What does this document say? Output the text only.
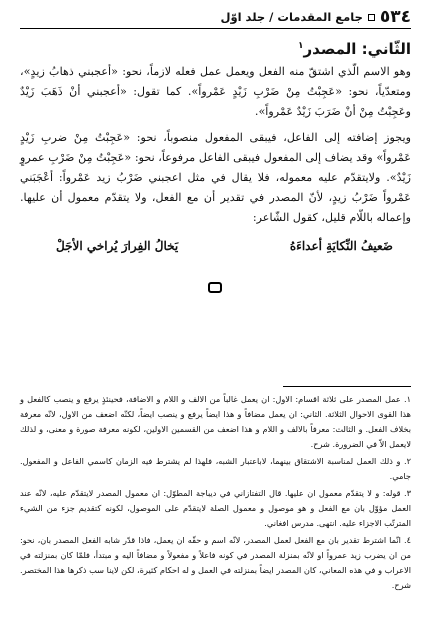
٥٣٤
جامع المقدمات / جلد اوّل
الثّاني: المصدر$^١$

وهو الاسم الّذي اشتقّ منه الفعل ويعمل عمل فعله لازماً، نحو: «أعجبني ذهابُ زيدٍ»، ومتعدّياً، نحو: «عَجِبْتُ مِنْ ضَرْبِ زَيْدٍ عَمْرواً». كما تقول: «أعجبني أنْ ذَهَبَ زَيْدٌ وعَجِبْتُ مِنْ أنْ ضَرَبَ زَيْدٌ عَمْرواً».

ويجوز إضافته إلى الفاعل، فيبقى المفعول منصوباً، نحو: «عَجِبْتُ مِنْ ضربِ زَيْدٍ عَمْرواً» وقد يضاف إلى المفعول فيبقى الفاعل مرفوعاً، نحو: «عَجِبْتُ مِنْ ضَرْبِ عمروٍ زَيْدٌ». ولايتقدّم عليه معموله، فلا يقال في مثل اعجبني ضَرْبُ زيد عَمْرواً: أعْجَبَني عَمْرواً ضَرْبُ زيدٍ، لأنّ المصدر في تقدير أن مع الفعل، ولا يتقدّم معمول أن عليها. وإعماله باللّام قليل، كقول الشّاعر:

ضَعيفُ النِّكايَةِ أعداءَهُ
يَخالُ الفِرارَ يُراخي الأجَلْ

١. عمل المصدر على ثلاثة اقسام: الاول: ان يعمل غالباً من الالف و اللام و الاضافة، فحينئذٍ يرفع و ينصب كالفعل و هذا القوى الاحوال الثلاثة. الثاني: ان يعمل مضافاً و هذا ايضاً يرفع و ينصب ايضاً، لكنّه اضعف من الاول، لانّه معرفة بخلاف الفعل. و الثالث: معرفاً بالالف و اللام و هذا اضعف من القسمين الاولين، لكونه معرفة صورة و معنى، و لذلك لايعمل الاّ في الضرورة. شرح.

٢. و ذلك العمل لمناسبة الاشتقاق بينهما، لاباعتبار الشبه، فلهذا لم يشترط فيه الزمان كاسمي الفاعل و المفعول. جامي.

٣. قوله: و لا يتقدّم معمول ان عليها. قال التفتازاني في ديباجة المطوّل: ان معمول المصدر لايتقدّم عليه، لانّه عند العمل مؤوّل بان مع الفعل و هو موصول و معمول الصلة لايتقدّم على الموصول، لكونه كتقديم جزء من الشيء المترتّب الاجزاء عليه. انتهى. مدرس افغاني.

٤. انّما اشترط تقدير بان مع الفعل لعمل المصدر، لانّه اسم و حقّه ان يعمل، فاذا قدّر شابه الفعل المصدر بان، نحو: من ان يضرب زيد عمرواً او لانّه بمنزلة المصدر في كونه فاعلاً و مفعولاً و مضافاً اليه و مبتدأ، فلمّا كان بمنزلته في الاعراب و في هذه المعاني، كان المصدر ايضاً بمنزلته في العمل و له احكام كثيرة، لكن لاينا سب ذكرها هذا المختصر. شرح.
